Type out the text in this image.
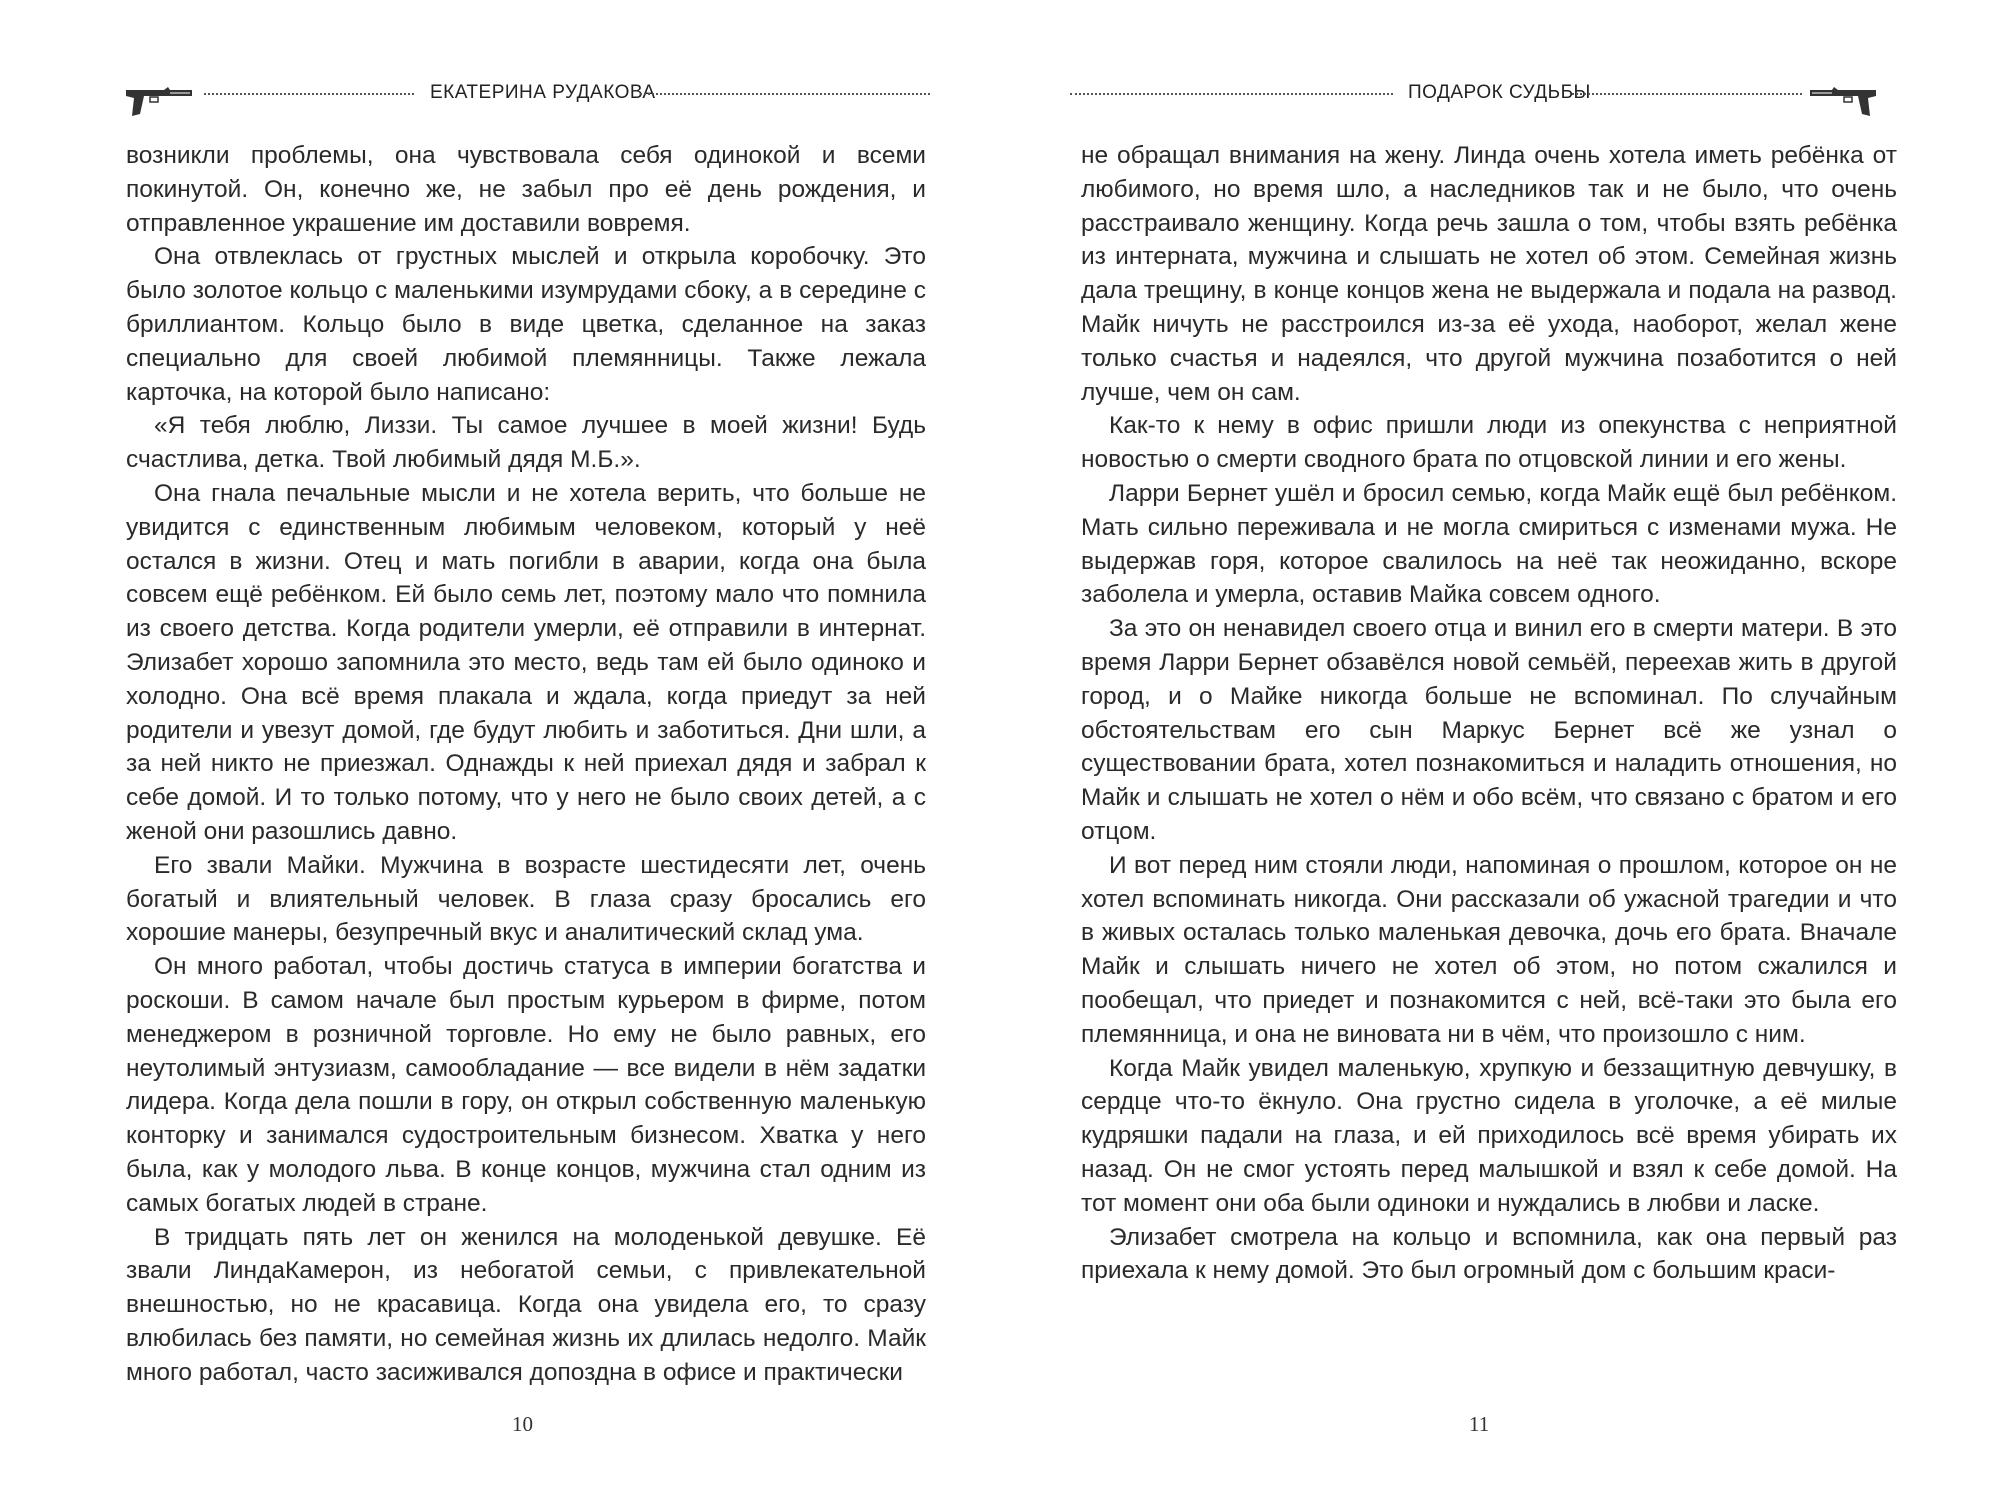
ЕКАТЕРИНА РУДАКОВА

возникли проблемы, она чувствовала себя одинокой и всеми покинутой. Он, конечно же, не забыл про её день рождения, и отправленное украшение им доставили вовремя.

Она отвлеклась от грустных мыслей и открыла коробочку. Это было золотое кольцо с маленькими изумрудами сбоку, а в середине с бриллиантом. Кольцо было в виде цветка, сделанное на заказ специально для своей любимой племянницы. Также лежала карточка, на которой было написано:

«Я тебя люблю, Лиззи. Ты самое лучшее в моей жизни! Будь счастлива, детка. Твой любимый дядя М.Б.».

Она гнала печальные мысли и не хотела верить, что больше не увидится с единственным любимым человеком, который у неё остался в жизни. Отец и мать погибли в аварии, когда она была совсем ещё ребёнком. Ей было семь лет, поэтому мало что помнила из своего детства. Когда родители умерли, её отправили в интернат. Элизабет хорошо запомнила это место, ведь там ей было одиноко и холодно. Она всё время плакала и ждала, когда приедут за ней родители и увезут домой, где будут любить и заботиться. Дни шли, а за ней никто не приезжал. Однажды к ней приехал дядя и забрал к себе домой. И то только потому, что у него не было своих детей, а с женой они разошлись давно.

Его звали Майки. Мужчина в возрасте шестидесяти лет, очень богатый и влиятельный человек. В глаза сразу бросались его хорошие манеры, безупречный вкус и аналитический склад ума.

Он много работал, чтобы достичь статуса в империи богатства и роскоши. В самом начале был простым курьером в фирме, потом менеджером в розничной торговле. Но ему не было равных, его неутолимый энтузиазм, самообладание — все видели в нём задатки лидера. Когда дела пошли в гору, он открыл собственную маленькую конторку и занимался судостроительным бизнесом. Хватка у него была, как у молодого льва. В конце концов, мужчина стал одним из самых богатых людей в стране.

В тридцать пять лет он женился на молоденькой девушке. Её звали ЛиндаКамерон, из небогатой семьи, с привлекательной внешностью, но не красавица. Когда она увидела его, то сразу влюбилась без памяти, но семейная жизнь их длилась недолго. Майк много работал, часто засиживался допоздна в офисе и практически

10
ПОДАРОК СУДЬБЫ

не обращал внимания на жену. Линда очень хотела иметь ребёнка от любимого, но время шло, а наследников так и не было, что очень расстраивало женщину. Когда речь зашла о том, чтобы взять ребёнка из интерната, мужчина и слышать не хотел об этом. Семейная жизнь дала трещину, в конце концов жена не выдержала и подала на развод. Майк ничуть не расстроился из-за её ухода, наоборот, желал жене только счастья и надеялся, что другой мужчина позаботится о ней лучше, чем он сам.

Как-то к нему в офис пришли люди из опекунства с неприятной новостью о смерти сводного брата по отцовской линии и его жены.

Ларри Бернет ушёл и бросил семью, когда Майк ещё был ребёнком. Мать сильно переживала и не могла смириться с изменами мужа. Не выдержав горя, которое свалилось на неё так неожиданно, вскоре заболела и умерла, оставив Майка совсем одного.

За это он ненавидел своего отца и винил его в смерти матери. В это время Ларри Бернет обзавёлся новой семьёй, переехав жить в другой город, и о Майке никогда больше не вспоминал. По случайным обстоятельствам его сын Маркус Бернет всё же узнал о существовании брата, хотел познакомиться и наладить отношения, но Майк и слышать не хотел о нём и обо всём, что связано с братом и его отцом.

И вот перед ним стояли люди, напоминая о прошлом, которое он не хотел вспоминать никогда. Они рассказали об ужасной трагедии и что в живых осталась только маленькая девочка, дочь его брата. Вначале Майк и слышать ничего не хотел об этом, но потом сжалился и пообещал, что приедет и познакомится с ней, всё-таки это была его племянница, и она не виновата ни в чём, что произошло с ним.

Когда Майк увидел маленькую, хрупкую и беззащитную девчушку, в сердце что-то ёкнуло. Она грустно сидела в уголочке, а её милые кудряшки падали на глаза, и ей приходилось всё время убирать их назад. Он не смог устоять перед малышкой и взял к себе домой. На тот момент они оба были одиноки и нуждались в любви и ласке.

Элизабет смотрела на кольцо и вспомнила, как она первый раз приехала к нему домой. Это был огромный дом с большим краси-

11
